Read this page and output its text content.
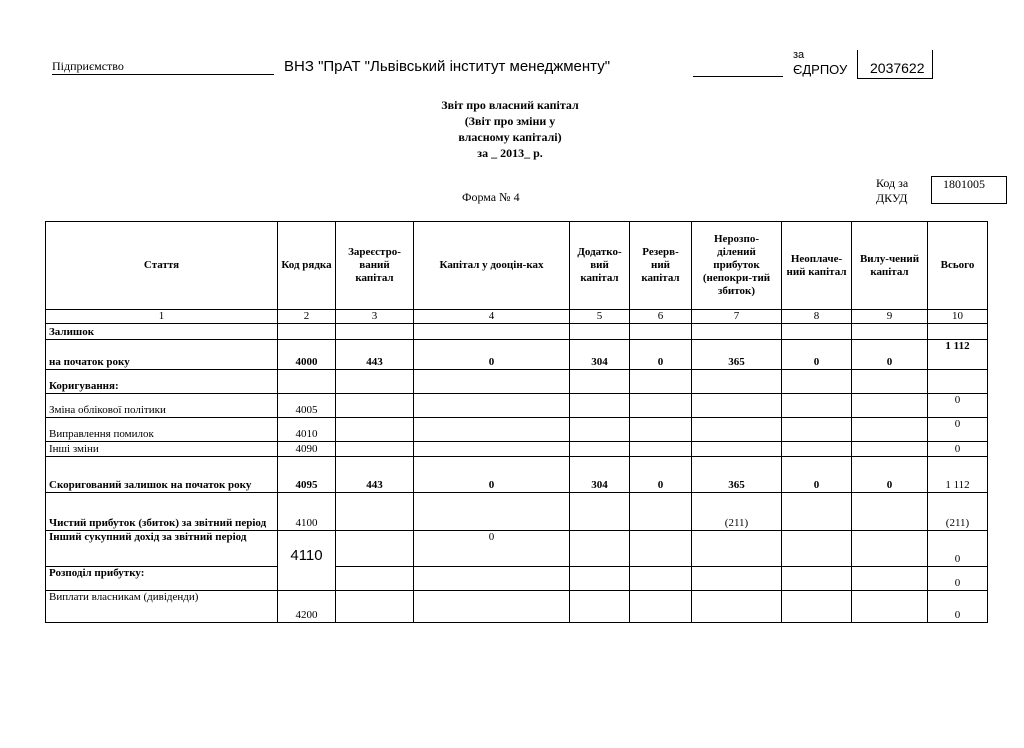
Підприємство	ВНЗ "ПрАТ "Львівський інститут менеджменту"
за
ЄДРПОУ 2037622
Звіт про власний капітал
(Звіт про зміни у
власному капіталі)
за _ 2013_ р.
Код за
ДКУД
1801005
Форма № 4
Стаття	Код рядка	Зареєстро-ваний капітал	Капітал у дооцін-ках	Додатко-вий капітал	Резерв-ний капітал	Нерозпо-ділений прибуток (непокри-тий збиток)	Неоплаче-ний капітал	Вилу-чений капітал	Всього
1	2	3	4	5	6	7	8	9	10
Залишок									
на початок року	4000	443	0	304	0	365	0	0	1 112
Коригування:									
Зміна облікової політики	4005								0
Виправлення помилок	4010								0
Інші зміни	4090								0
Скоригований залишок на початок року	4095	443	0	304	0	365	0	0	1 112
Чистий прибуток (збиток) за звітний період	4100					(211)			(211)
Інший сукупний дохід за звітний період	4110		0						0
Розподіл прибутку:									0
Виплати власникам (дивіденди)	4200								0
